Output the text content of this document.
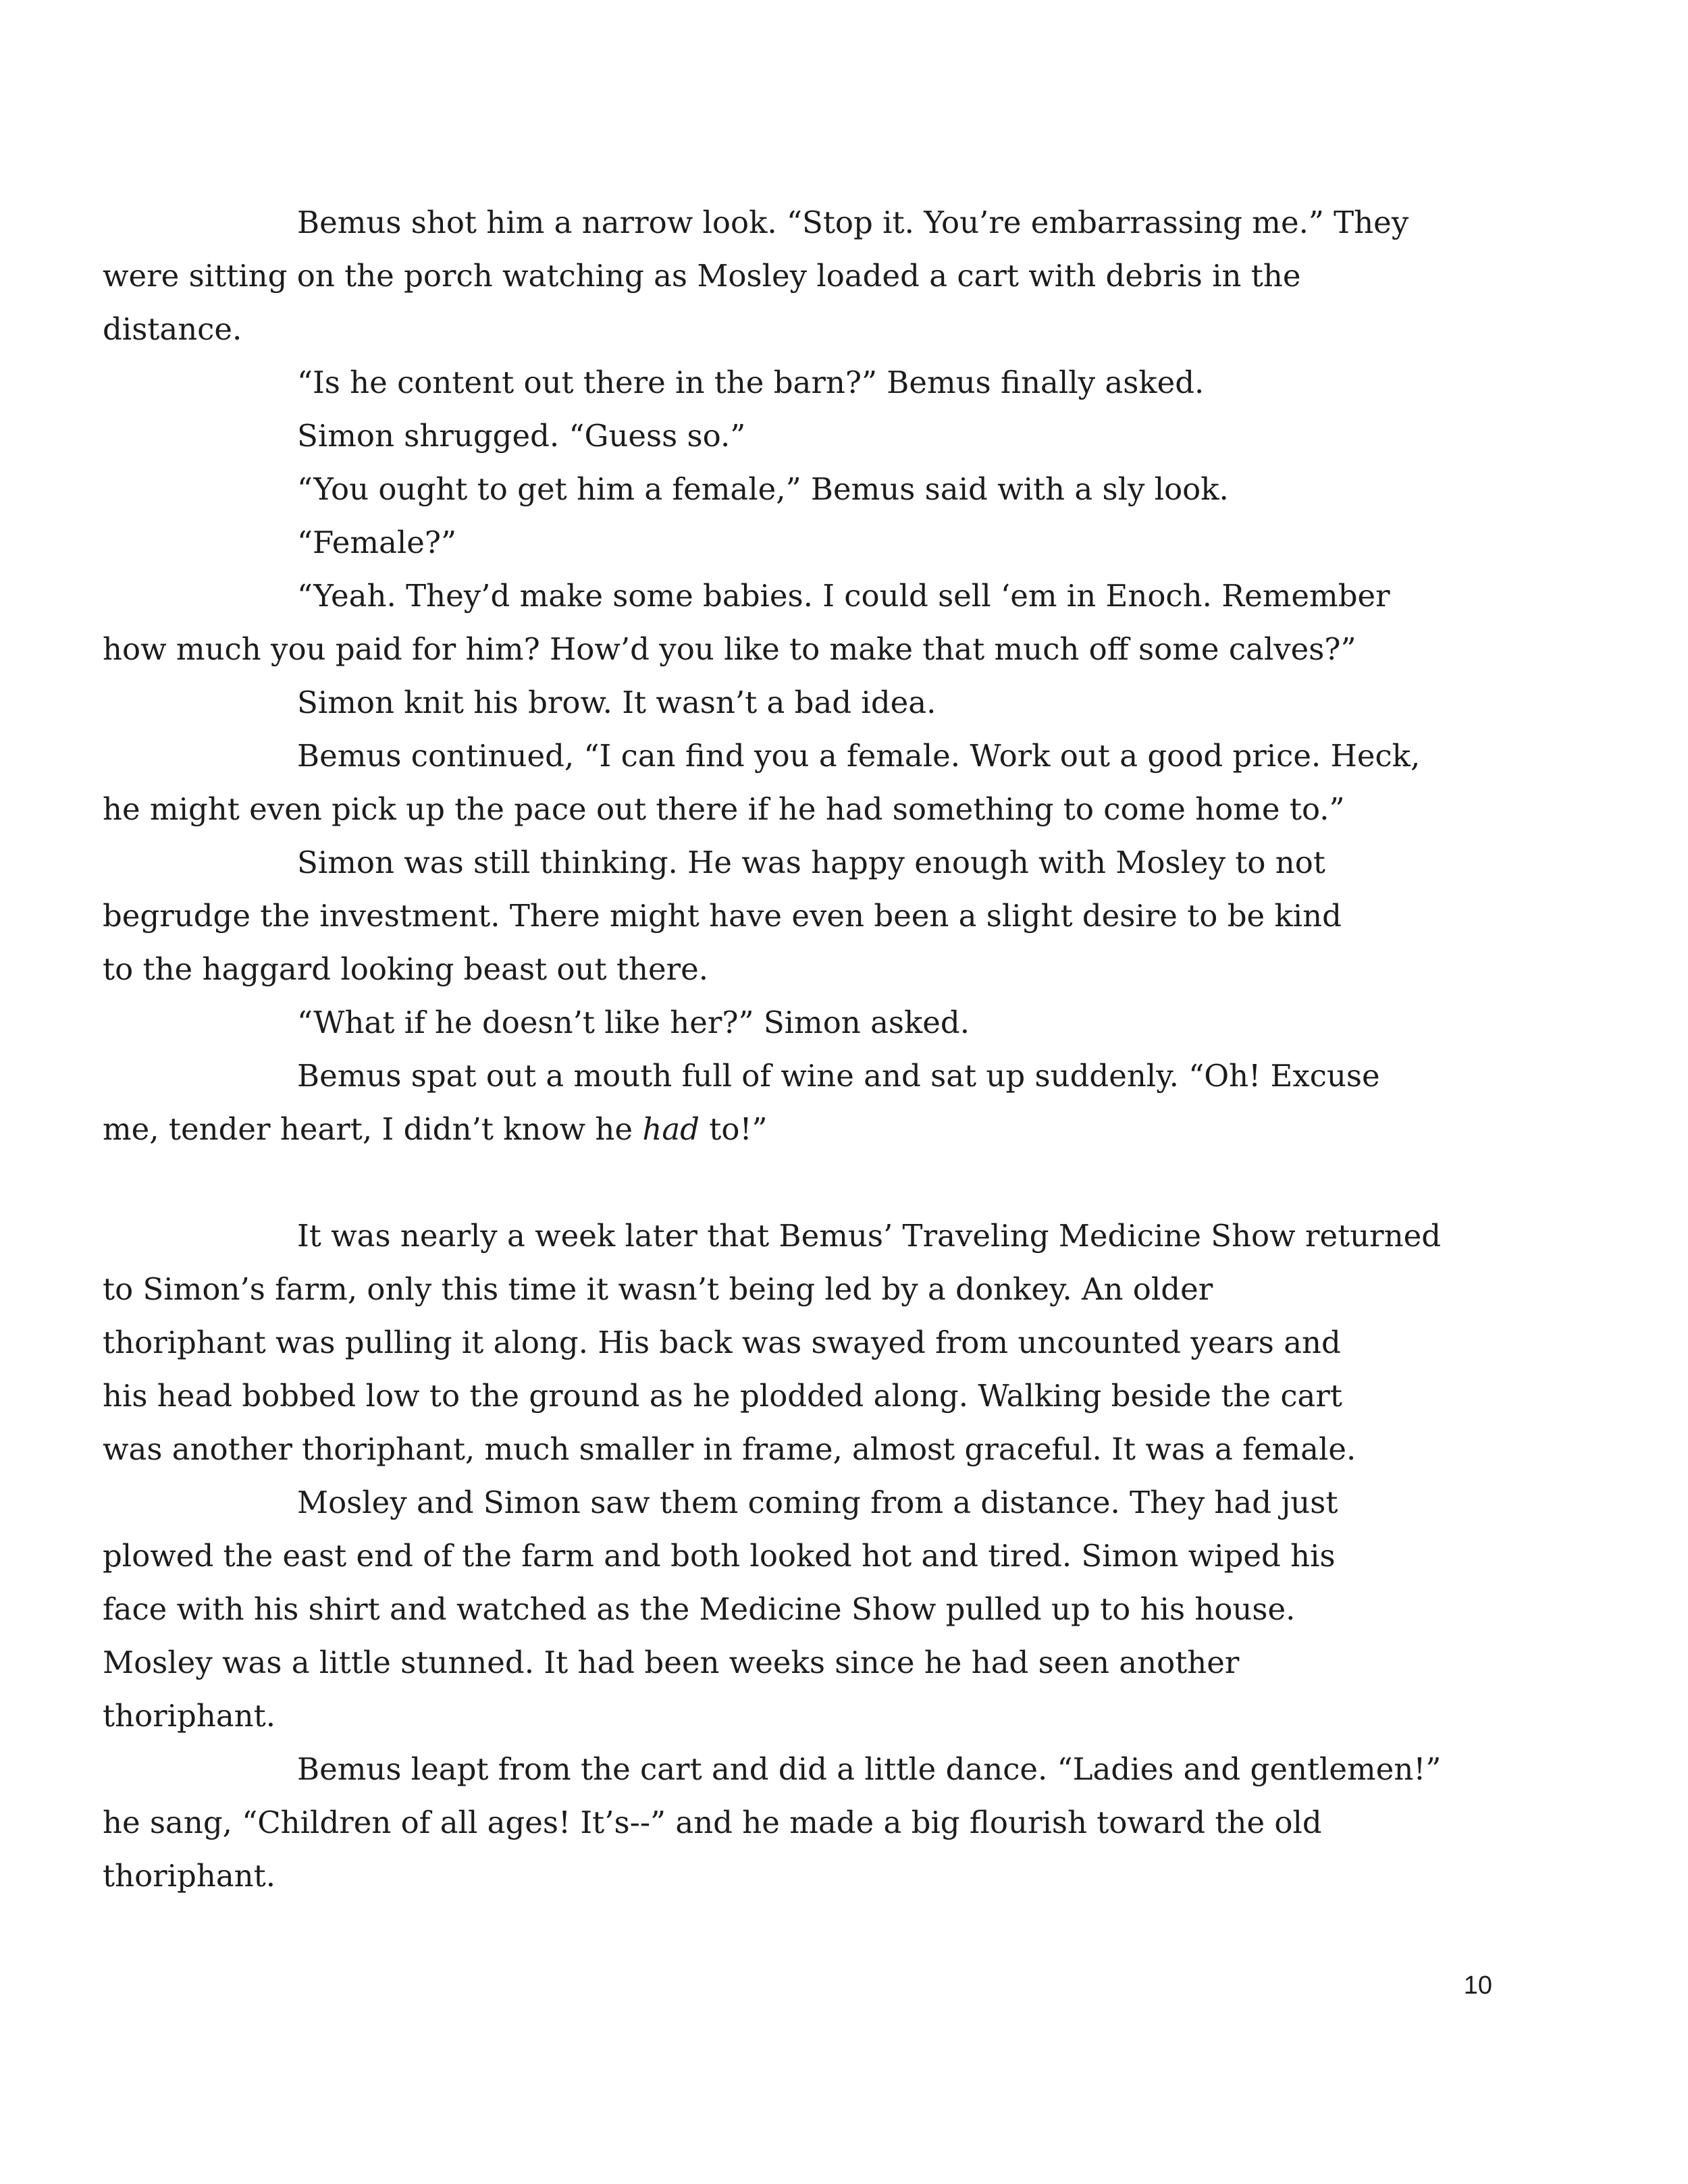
Bemus shot him a narrow look. “Stop it. You’re embarrassing me.” They
were sitting on the porch watching as Mosley loaded a cart with debris in the
distance.

“Is he content out there in the barn?” Bemus finally asked.

Simon shrugged. “Guess so.”

“You ought to get him a female,” Bemus said with a sly look.

“Female?”

“Yeah. They’d make some babies. I could sell ‘em in Enoch. Remember
how much you paid for him? How’d you like to make that much off some calves?”

Simon knit his brow. It wasn’t a bad idea.

Bemus continued, “I can find you a female. Work out a good price. Heck,
he might even pick up the pace out there if he had something to come home to.”

Simon was still thinking. He was happy enough with Mosley to not
begrudge the investment. There might have even been a slight desire to be kind
to the haggard looking beast out there.

“What if he doesn’t like her?” Simon asked.

Bemus spat out a mouth full of wine and sat up suddenly. “Oh! Excuse
me, tender heart, I didn’t know he had to!”

It was nearly a week later that Bemus’ Traveling Medicine Show returned
to Simon’s farm, only this time it wasn’t being led by a donkey. An older
thoriphant was pulling it along. His back was swayed from uncounted years and
his head bobbed low to the ground as he plodded along. Walking beside the cart
was another thoriphant, much smaller in frame, almost graceful. It was a female.

Mosley and Simon saw them coming from a distance. They had just
plowed the east end of the farm and both looked hot and tired. Simon wiped his
face with his shirt and watched as the Medicine Show pulled up to his house.
Mosley was a little stunned. It had been weeks since he had seen another
thoriphant.

Bemus leapt from the cart and did a little dance. “Ladies and gentlemen!”
he sang, “Children of all ages! It’s--” and he made a big flourish toward the old
thoriphant.

10
